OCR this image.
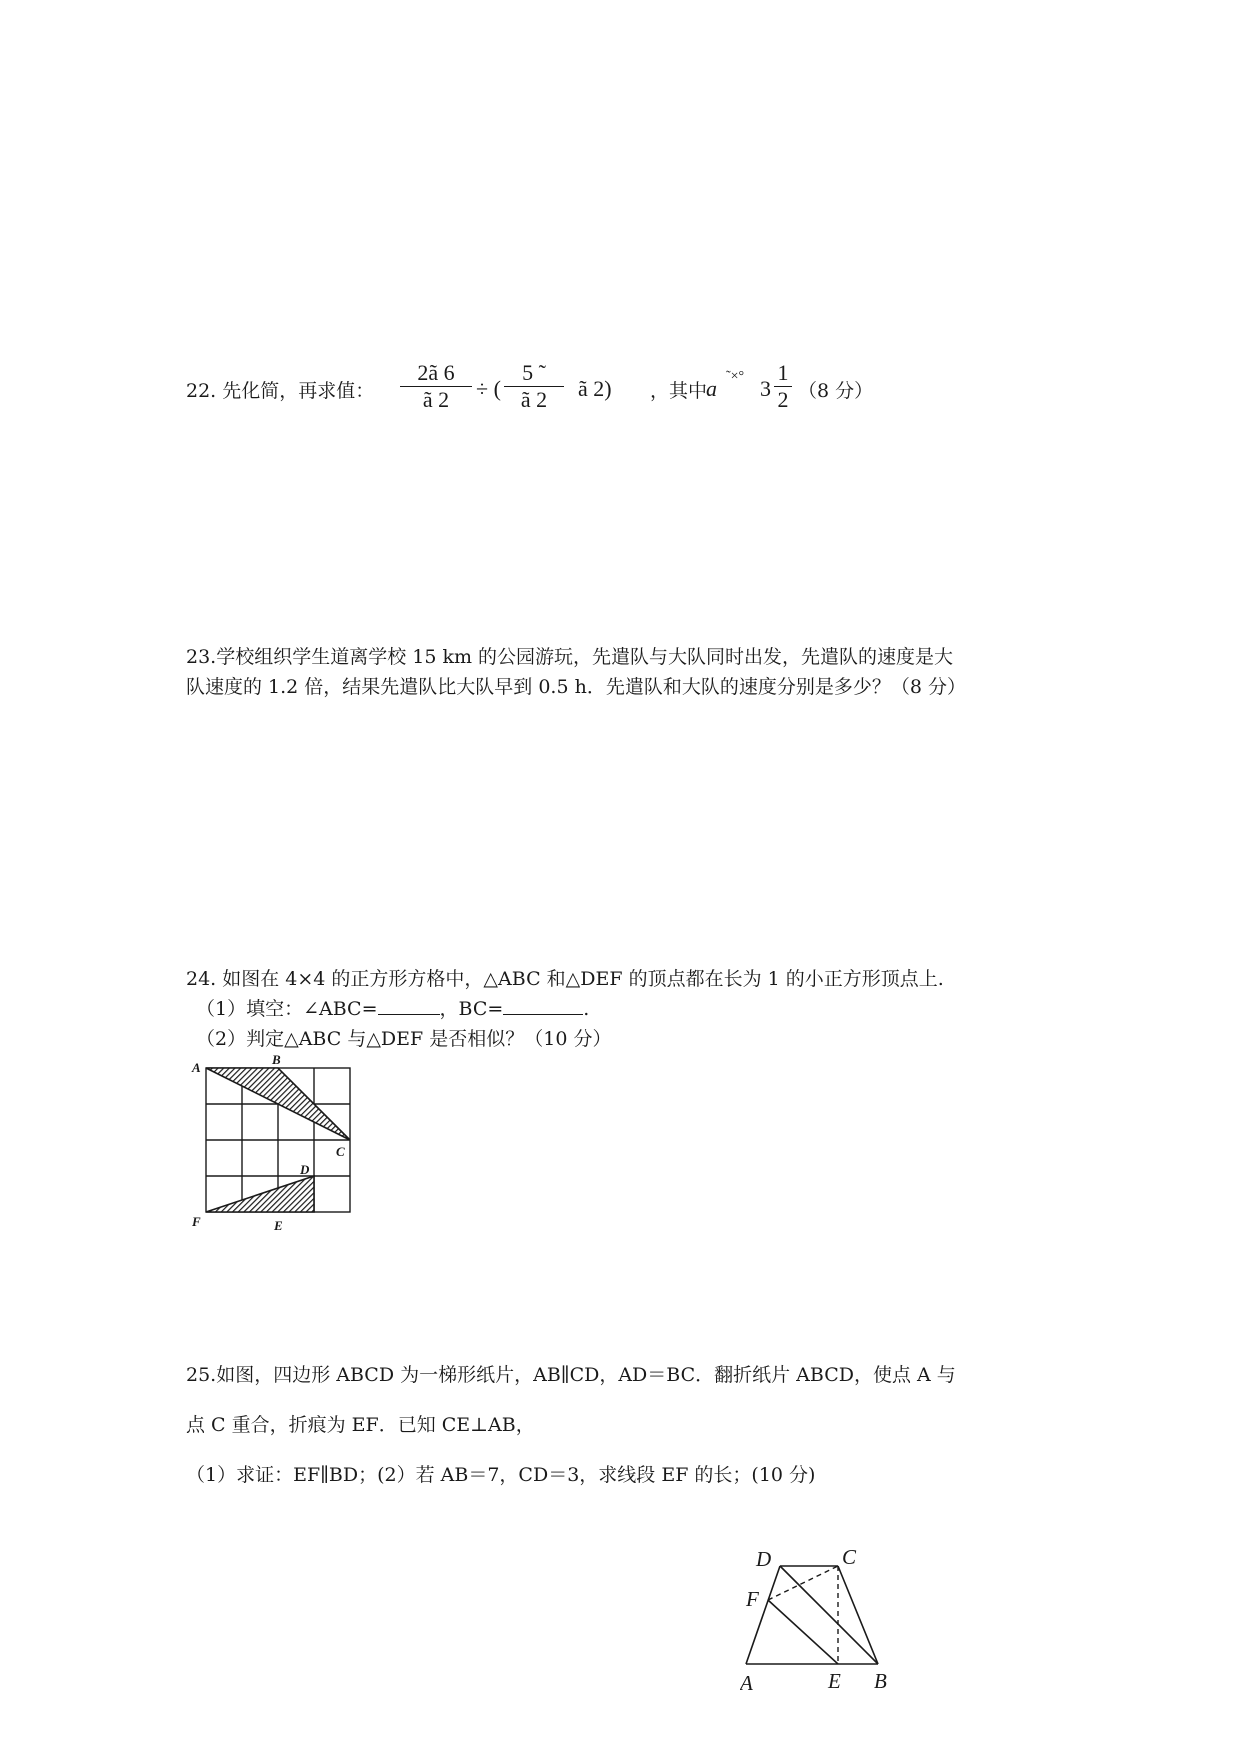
22. 先化简，再求值： $\frac{2ã 6}{ã 2}$ ÷ ( $\frac{5 ˜}{ã 2}$ ã 2) ，其中
a ˜×° $3 \frac{1}{2} (8$ 分）
23.学校组织学生道离学校 15 km 的公园游玩，先遣队与大队同时出发，先遣队的速度是大
队速度的 1.2 倍，结果先遣队比大队早到 0.5 h．先遣队和大队的速度分别是多少？（8 分）
24. 如图在 4×4 的正方形方格中，△ABC 和△DEF 的顶点都在长为 1 的小正方形顶点上.
（1）填空：∠ABC=	，BC=	.
（2）判定△ABC 与△DEF 是否相似？（10 分）
A
B
C
D
E
F
25.如图，四边形 ABCD 为一梯形纸片，AB∥CD，AD＝BC．翻折纸片 ABCD，使点 A 与
点 C 重合，折痕为 EF．已知 CE⊥AB，
（1）求证：EF∥BD；(2）若 AB＝7，CD＝3，求线段 EF 的长；(10 分)
D	C
F
A	E B
